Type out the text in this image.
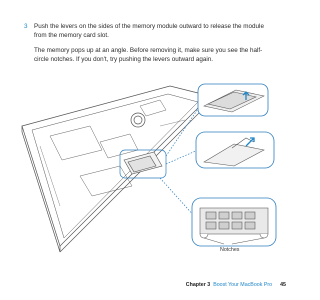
3 Push the levers on the sides of the memory module outward to release the module from the memory card slot.

The memory pops up at an angle. Before removing it, make sure you see the half-circle notches. If you don't, try pushing the levers outward again.

Notches
Chapter 3 Boost Your MacBook Pro 45
